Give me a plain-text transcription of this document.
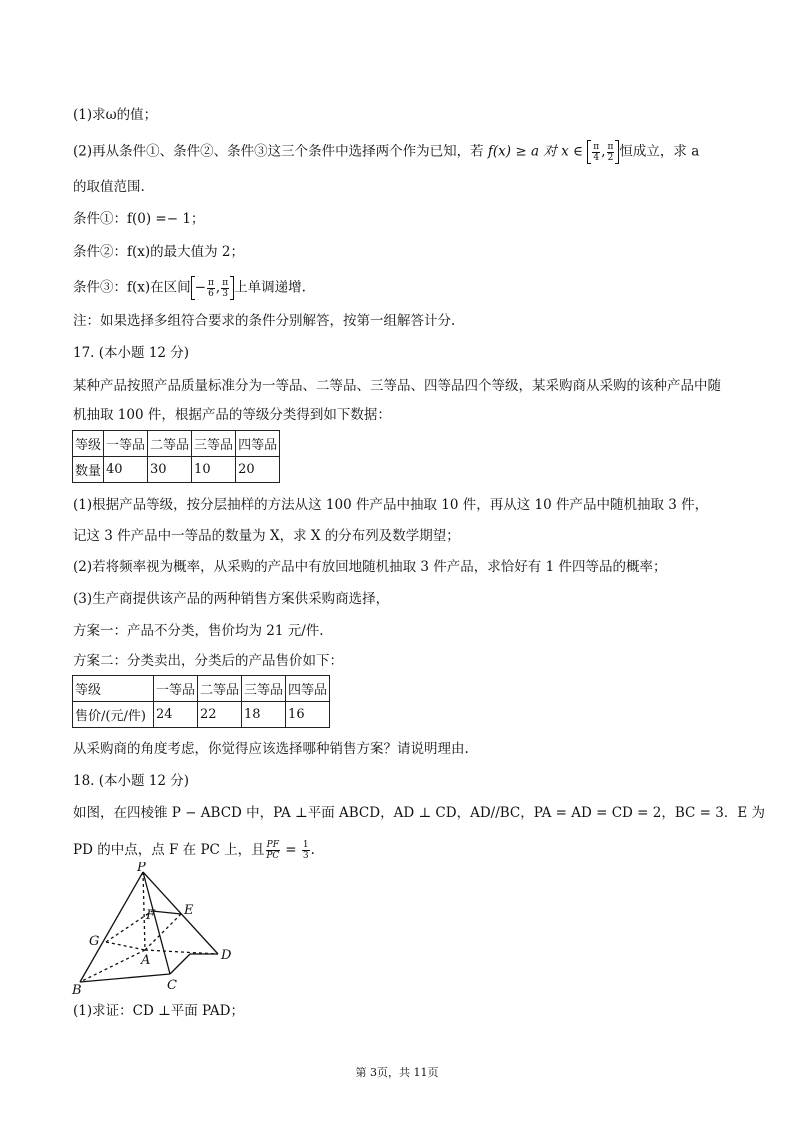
(1)求ω的值；
(2)再从条件①、条件②、条件③这三个条件中选择两个作为已知，若 f(x) ≥ a 对 x ∈ $\frac{\pi}{4}$ , $\frac{\pi}{2}$ 恒成立，求 a
的取值范围.
条件①：f(0) =− 1；
条件②：f(x)的最大值为 2；
条件③：f(x)在区间 − $\frac{\pi}{6}$ , $\frac{\pi}{3}$ 上单调递增.
注：如果选择多组符合要求的条件分别解答，按第一组解答计分.
17. (本小题 12 分)
某种产品按照产品质量标准分为一等品、二等品、三等品、四等品四个等级，某采购商从采购的该种产品中随
机抽取 100 件，根据产品的等级分类得到如下数据：
等级	一等品	二等品	三等品	四等品
数量	40	30	10	20
(1)根据产品等级，按分层抽样的方法从这 100 件产品中抽取 10 件，再从这 10 件产品中随机抽取 3 件，
记这 3 件产品中一等品的数量为 X，求 X 的分布列及数学期望；
(2)若将频率视为概率，从采购的产品中有放回地随机抽取 3 件产品，求恰好有 1 件四等品的概率；
(3)生产商提供该产品的两种销售方案供采购商选择，
方案一：产品不分类，售价均为 21 元/件.
方案二：分类卖出，分类后的产品售价如下：
等级	一等品	二等品	三等品	四等品
售价/(元/件)	24	22	18	16
从采购商的角度考虑，你觉得应该选择哪种销售方案？请说明理由.
18. (本小题 12 分)
如图，在四棱锥 P − ABCD 中，PA ⊥平面 ABCD，AD ⊥ CD，AD//BC，PA = AD = CD = 2，BC = 3．E 为
PD 的中点，点 F 在 PC 上，且 $\frac{PF}{PC} = \frac{1}{3}$ .
P
F E
G
A	D
B	C
(1)求证：CD ⊥平面 PAD；
第 3页，共 11页
